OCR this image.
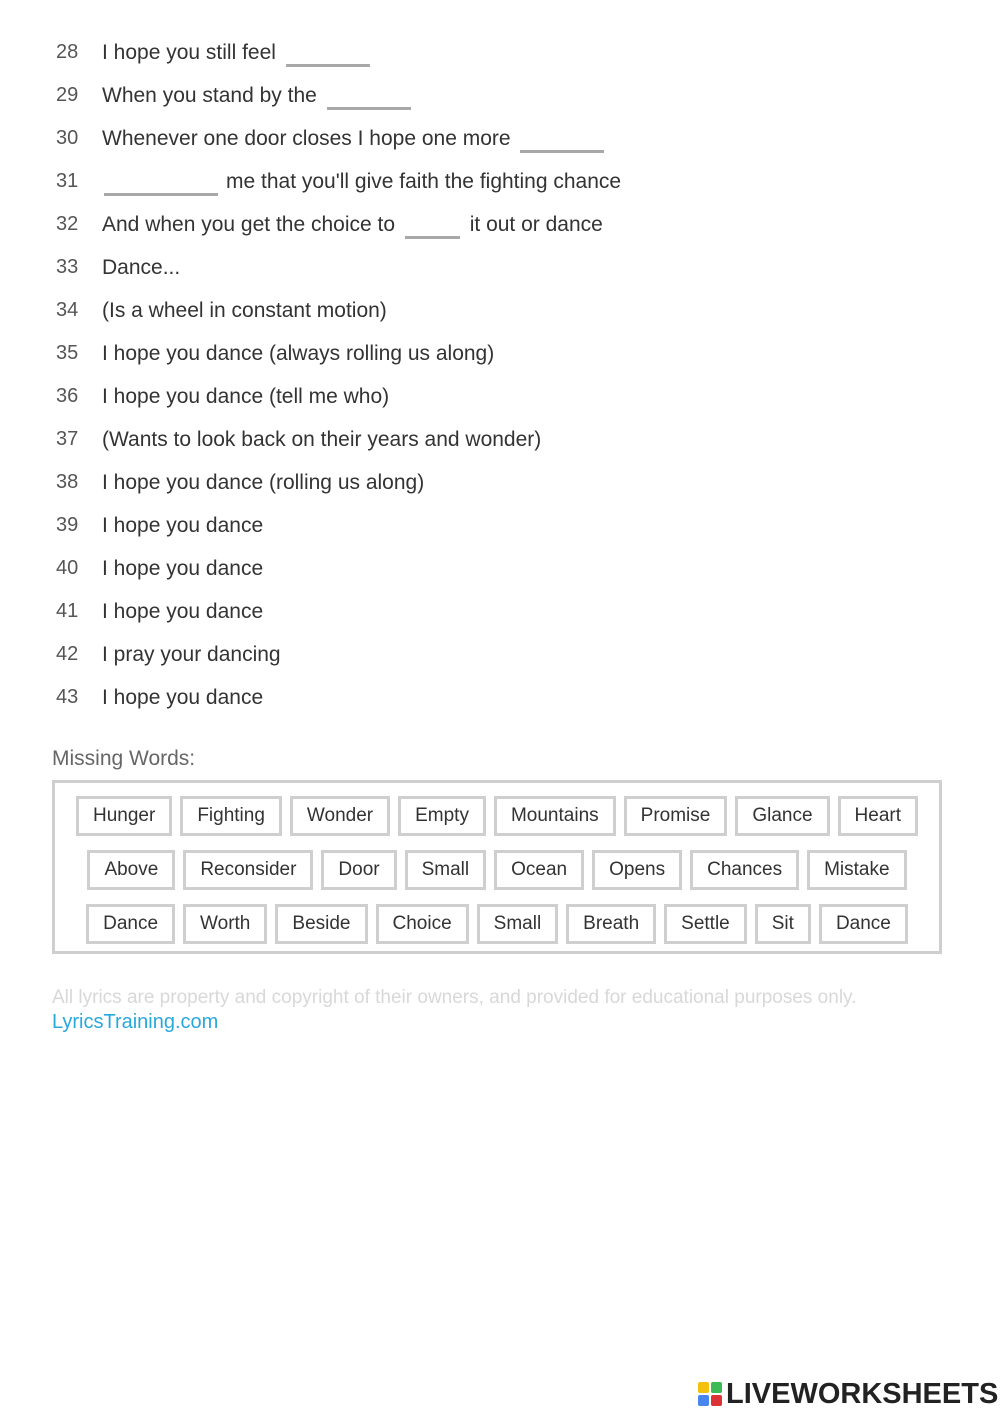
28	I hope you still feel
29	When you stand by the
30	Whenever one door closes I hope one more
31	me that you'll give faith the fighting chance
32	And when you get the choice to	it out or dance
33	Dance...
34	(Is a wheel in constant motion)
35	I hope you dance (always rolling us along)
36	I hope you dance (tell me who)
37	(Wants to look back on their years and wonder)
38	I hope you dance (rolling us along)
39	I hope you dance
40	I hope you dance
41	I hope you dance
42	I pray your dancing
43	I hope you dance
Missing Words:
Hunger	Fighting	Wonder	Empty	Mountains	Promise	Glance	Heart
Above	Reconsider	Door	Small	Ocean	Opens	Chances	Mistake
Dance	Worth	Beside	Choice	Small	Breath	Settle	Sit	Dance
All lyrics are property and copyright of their owners, and provided for educational purposes only.
LyricsTraining.com
LIVEWORKSHEETS
